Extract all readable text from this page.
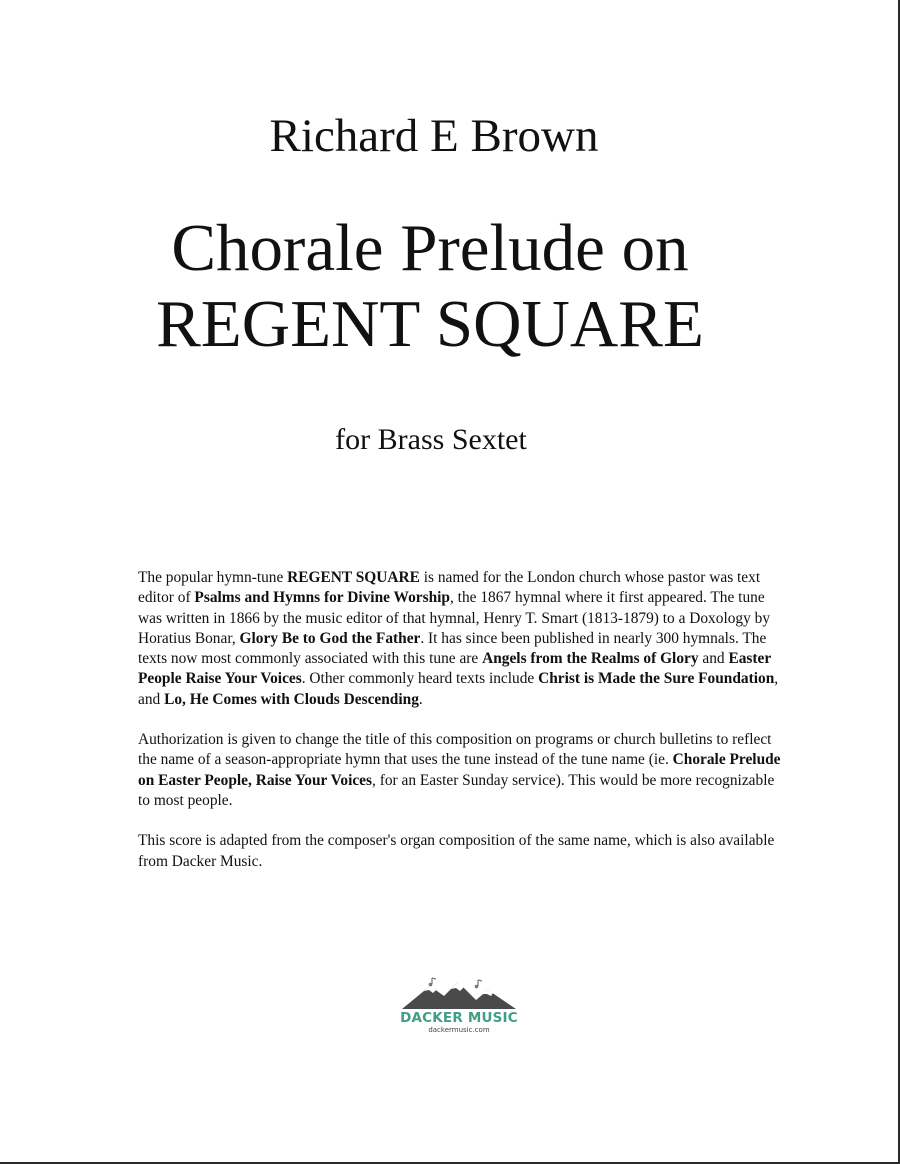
Richard E Brown
Chorale Prelude on
REGENT SQUARE

for Brass Sextet

The popular hymn-tune REGENT SQUARE is named for the London church whose pastor was text editor of Psalms and Hymns for Divine Worship, the 1867 hymnal where it first appeared. The tune was written in 1866 by the music editor of that hymnal, Henry T. Smart (1813-1879) to a Doxology by Horatius Bonar, Glory Be to God the Father. It has since been published in nearly 300 hymnals. The texts now most commonly associated with this tune are Angels from the Realms of Glory and Easter People Raise Your Voices. Other commonly heard texts include Christ is Made the Sure Foundation, and Lo, He Comes with Clouds Descending.

Authorization is given to change the title of this composition on programs or church bulletins to reflect the name of a season-appropriate hymn that uses the tune instead of the tune name (ie. Chorale Prelude on Easter People, Raise Your Voices, for an Easter Sunday service). This would be more recognizable to most people.

This score is adapted from the composer's organ composition of the same name, which is also available from Dacker Music.

DACKER MUSIC
dackermusic.com
